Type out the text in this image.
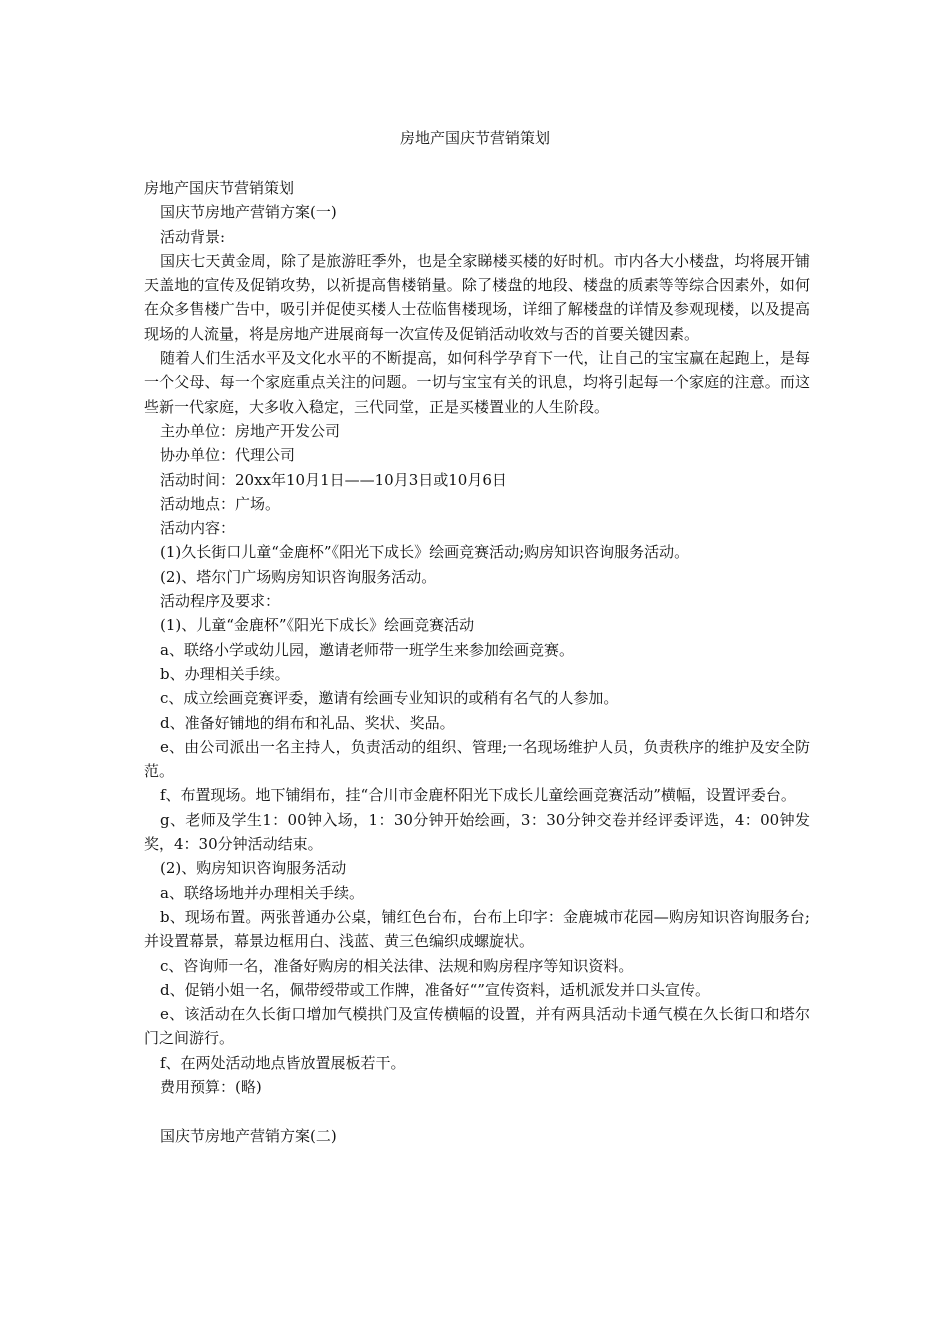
房地产国庆节营销策划
房地产国庆节营销策划
国庆节房地产营销方案(一)
活动背景:
国庆七天黄金周，除了是旅游旺季外，也是全家睇楼买楼的好时机。市内各大小楼盘，均将展开铺天盖地的宣传及促销攻势，以祈提高售楼销量。除了楼盘的地段、楼盘的质素等等综合因素外，如何在众多售楼广告中，吸引并促使买楼人士莅临售楼现场，详细了解楼盘的详情及参观现楼，以及提高现场的人流量，将是房地产进展商每一次宣传及促销活动收效与否的首要关键因素。
随着人们生活水平及文化水平的不断提高，如何科学孕育下一代，让自己的宝宝赢在起跑上，是每一个父母、每一个家庭重点关注的问题。一切与宝宝有关的讯息，均将引起每一个家庭的注意。而这些新一代家庭，大多收入稳定，三代同堂，正是买楼置业的人生阶段。
主办单位：房地产开发公司
协办单位：代理公司
活动时间：20xx年10月1日——10月3日或10月6日
活动地点：广场。
活动内容：
(1)久长街口儿童“金鹿杯”《阳光下成长》绘画竞赛活动;购房知识咨询服务活动。
(2)、塔尔门广场购房知识咨询服务活动。
活动程序及要求：
(1)、儿童“金鹿杯”《阳光下成长》绘画竞赛活动
a、联络小学或幼儿园，邀请老师带一班学生来参加绘画竞赛。
b、办理相关手续。
c、成立绘画竞赛评委，邀请有绘画专业知识的或稍有名气的人参加。
d、准备好铺地的绢布和礼品、奖状、奖品。
e、由公司派出一名主持人，负责活动的组织、管理;一名现场维护人员，负责秩序的维护及安全防范。
f、布置现场。地下铺绢布，挂“合川市金鹿杯阳光下成长儿童绘画竞赛活动”横幅，设置评委台。
g、老师及学生1：00钟入场，1：30分钟开始绘画，3：30分钟交卷并经评委评选，4：00钟发奖，4：30分钟活动结束。
(2)、购房知识咨询服务活动
a、联络场地并办理相关手续。
b、现场布置。两张普通办公桌，铺红色台布，台布上印字：金鹿城市花园—购房知识咨询服务台;并设置幕景，幕景边框用白、浅蓝、黄三色编织成螺旋状。
c、咨询师一名，准备好购房的相关法律、法规和购房程序等知识资料。
d、促销小姐一名，佩带绶带或工作牌，准备好“”宣传资料，适机派发并口头宣传。
e、该活动在久长街口增加气模拱门及宣传横幅的设置，并有两具活动卡通气模在久长街口和塔尔门之间游行。
f、在两处活动地点皆放置展板若干。
费用预算：(略)
国庆节房地产营销方案(二)
